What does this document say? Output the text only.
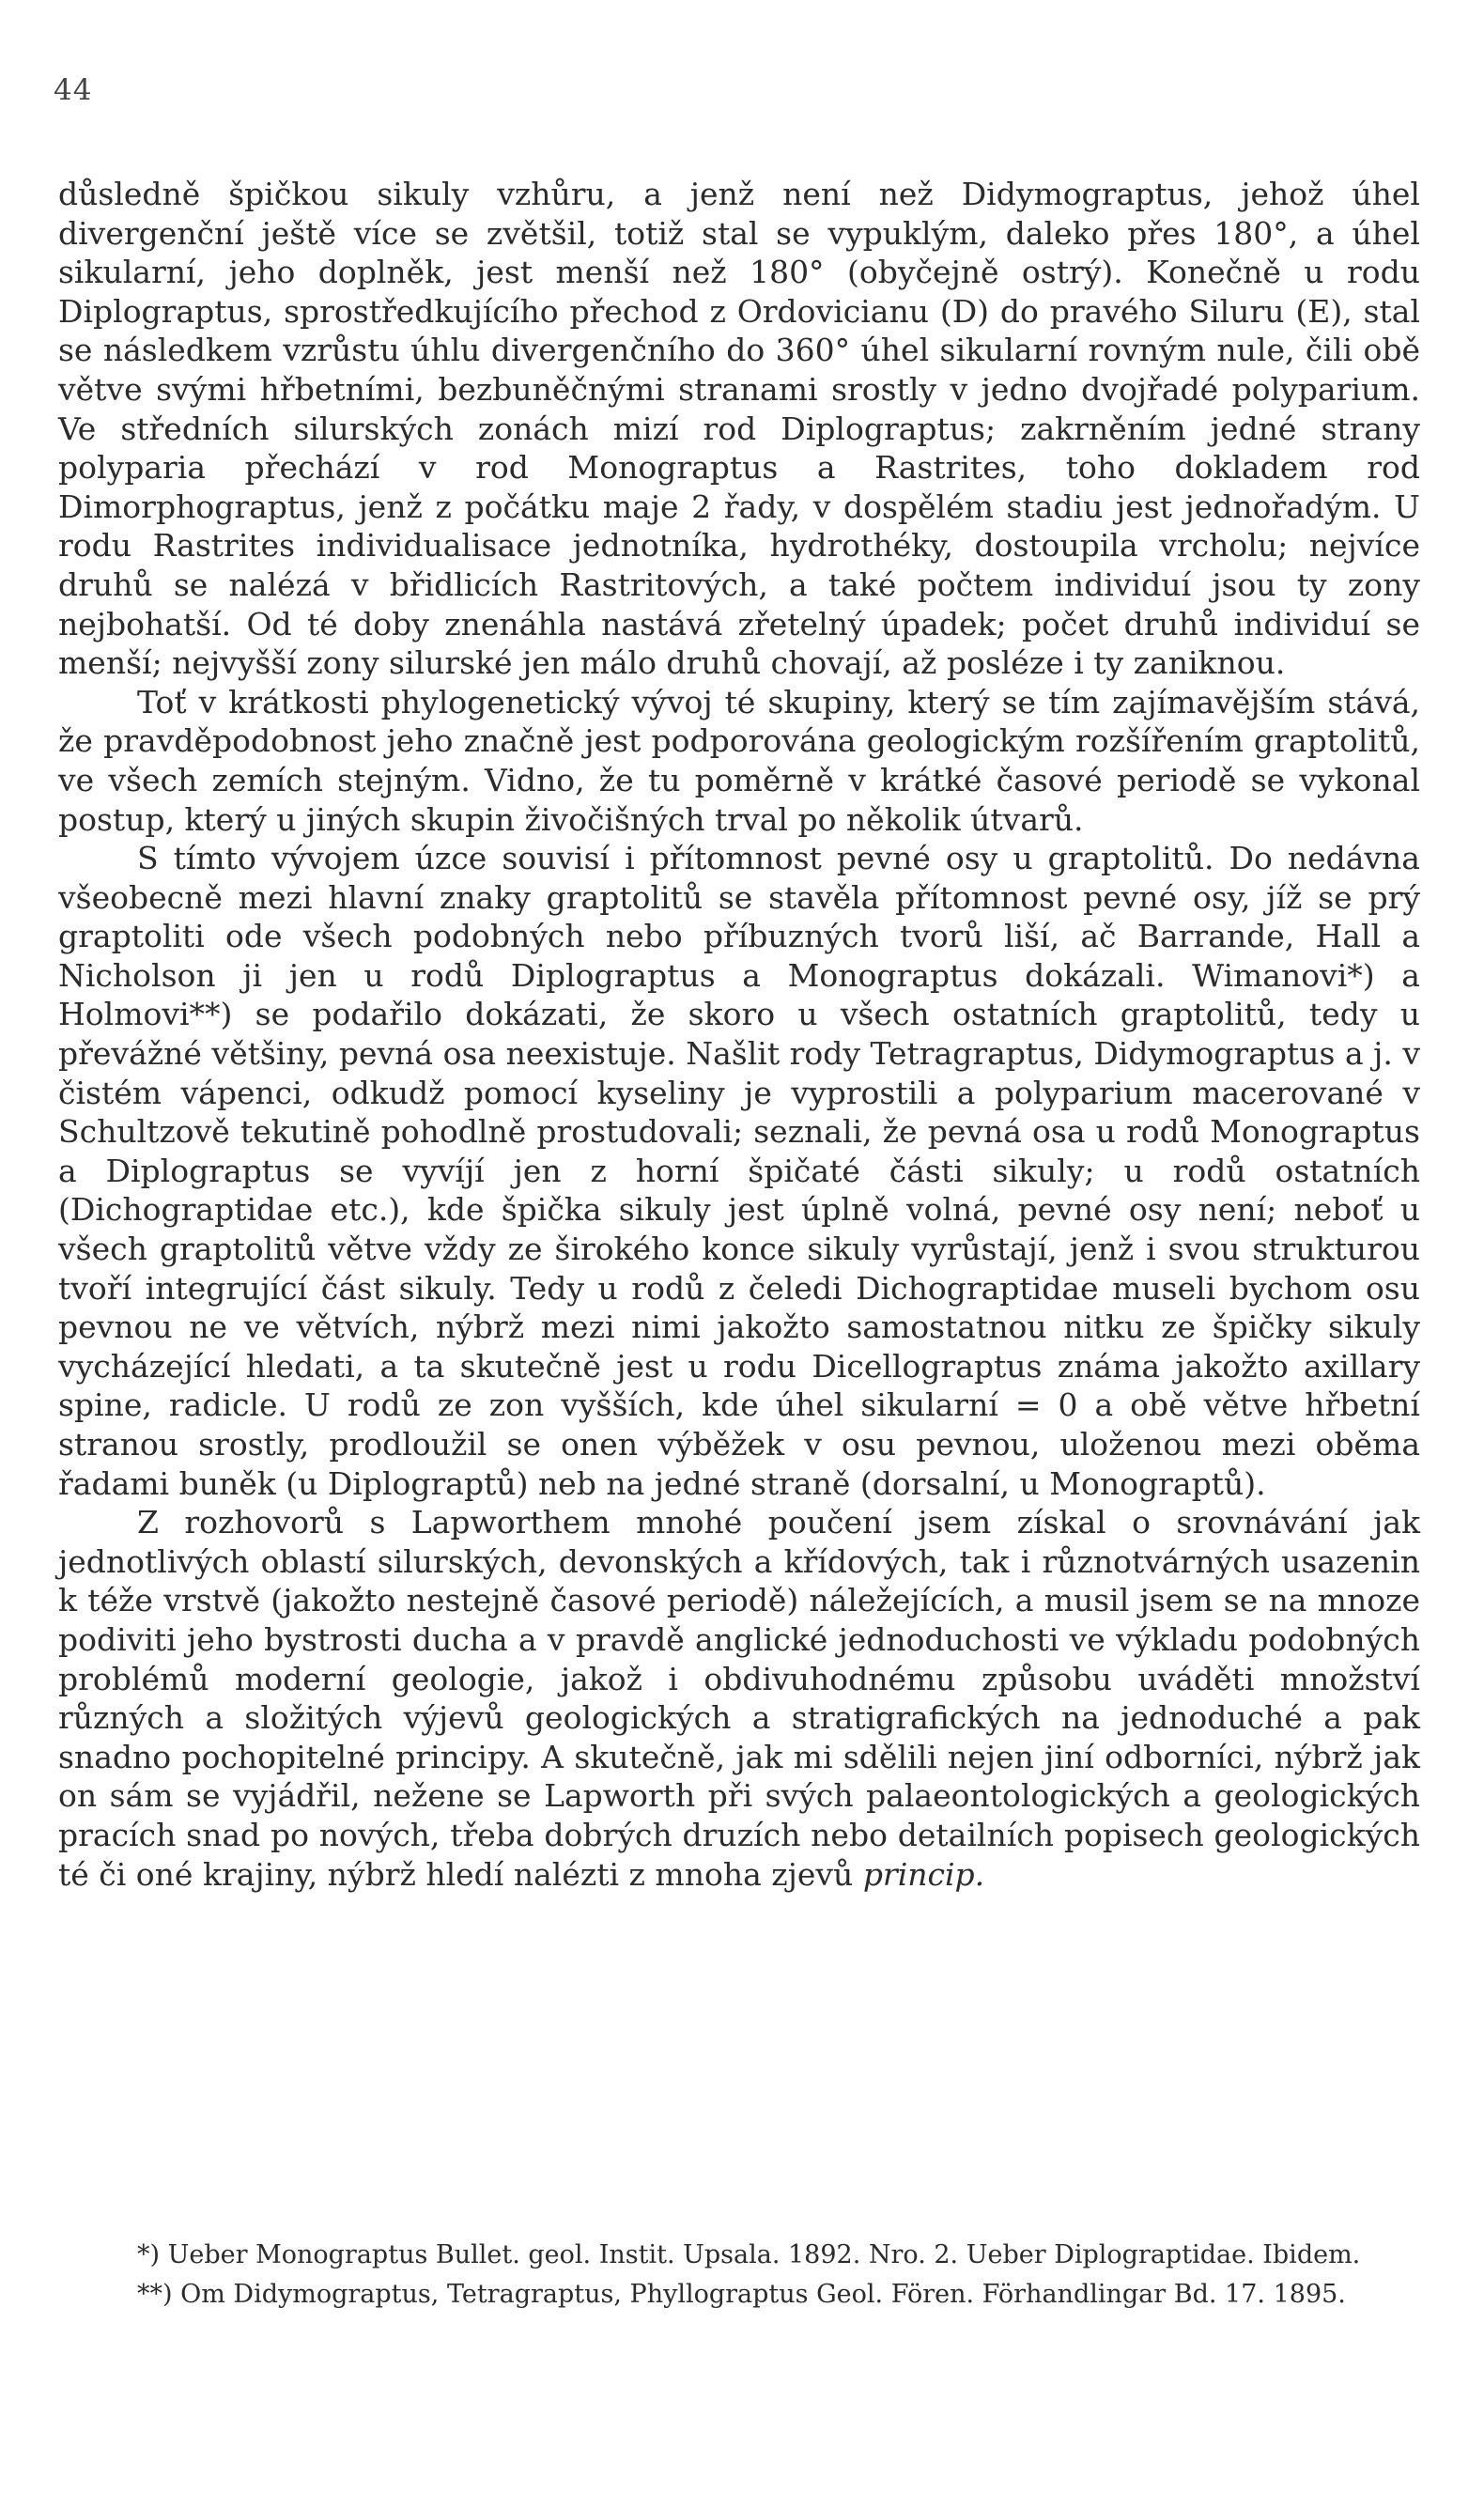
44

důsledně špičkou sikuly vzhůru, a jenž není než Didymograptus, jehož úhel divergenční ještě více se zvětšil, totiž stal se vypuklým, daleko přes 180°, a úhel sikularní, jeho doplněk, jest menší než 180° (obyčejně ostrý). Konečně u rodu Diplograptus, sprostředkujícího přechod z Ordovicianu (D) do pravého Siluru (E), stal se následkem vzrůstu úhlu divergenčního do 360° úhel sikularní rovným nule, čili obě větve svými hřbetními, bezbuněčnými stranami srostly v jedno dvojřadé polyparium. Ve středních silurských zonách mizí rod Diplograptus; zakrněním jedné strany polyparia přechází v rod Monograptus a Rastrites, toho dokladem rod Dimorphograptus, jenž z počátku maje 2 řady, v dospělém stadiu jest jednořadým. U rodu Rastrites individualisace jednotníka, hydrothéky, dostoupila vrcholu; nejvíce druhů se nalézá v břidlicích Rastritových, a také počtem individuí jsou ty zony nejbohatší. Od té doby znenáhla nastává zřetelný úpadek; počet druhů individuí se menší; nejvyšší zony silurské jen málo druhů chovají, až posléze i ty zaniknou.

Toť v krátkosti phylogenetický vývoj té skupiny, který se tím zajímavějším stává, že pravděpodobnost jeho značně jest podporována geologickým rozšířením graptolitů, ve všech zemích stejným. Vidno, že tu poměrně v krátké časové periodě se vykonal postup, který u jiných skupin živočišných trval po několik útvarů.

S tímto vývojem úzce souvisí i přítomnost pevné osy u graptolitů. Do nedávna všeobecně mezi hlavní znaky graptolitů se stavěla přítomnost pevné osy, jíž se prý graptoliti ode všech podobných nebo příbuzných tvorů liší, ač Barrande, Hall a Nicholson ji jen u rodů Diplograptus a Monograptus dokázali. Wimanovi*) a Holmovi**) se podařilo dokázati, že skoro u všech ostatních graptolitů, tedy u převážné většiny, pevná osa neexistuje. Našlit rody Tetragraptus, Didymograptus a j. v čistém vápenci, odkudž pomocí kyseliny je vyprostili a polyparium macerované v Schultzově tekutině pohodlně prostudovali; seznali, že pevná osa u rodů Monograptus a Diplograptus se vyvíjí jen z horní špičaté části sikuly; u rodů ostatních (Dichograptidae etc.), kde špička sikuly jest úplně volná, pevné osy není; neboť u všech graptolitů větve vždy ze širokého konce sikuly vyrůstají, jenž i svou strukturou tvoří integrující část sikuly. Tedy u rodů z čeledi Dichograptidae museli bychom osu pevnou ne ve větvích, nýbrž mezi nimi jakožto samostatnou nitku ze špičky sikuly vycházející hledati, a ta skutečně jest u rodu Dicellograptus známa jakožto axillary spine, radicle. U rodů ze zon vyšších, kde úhel sikularní = 0 a obě větve hřbetní stranou srostly, prodloužil se onen výběžek v osu pevnou, uloženou mezi oběma řadami buněk (u Diplograptů) neb na jedné straně (dorsalní, u Monograptů).

Z rozhovorů s Lapworthem mnohé poučení jsem získal o srovnávání jak jednotlivých oblastí silurských, devonských a křídových, tak i různotvárných usazenin k téže vrstvě (jakožto nestejně časové periodě) náležejících, a musil jsem se na mnoze podiviti jeho bystrosti ducha a v pravdě anglické jednoduchosti ve výkladu podobných problémů moderní geologie, jakož i obdivuhodnému způsobu uváděti množství různých a složitých výjevů geologických a stratigrafických na jednoduché a pak snadno pochopitelné principy. A skutečně, jak mi sdělili nejen jiní odborníci, nýbrž jak on sám se vyjádřil, nežene se Lapworth při svých palaeontologických a geologických pracích snad po nových, třeba dobrých druzích nebo detailních popisech geologických té či oné krajiny, nýbrž hledí nalézti z mnoha zjevů princip.

*) Ueber Monograptus Bullet. geol. Instit. Upsala. 1892. Nro. 2. Ueber Diplograptidae. Ibidem.

**) Om Didymograptus, Tetragraptus, Phyllograptus Geol. Fören. Förhandlingar Bd. 17. 1895.
